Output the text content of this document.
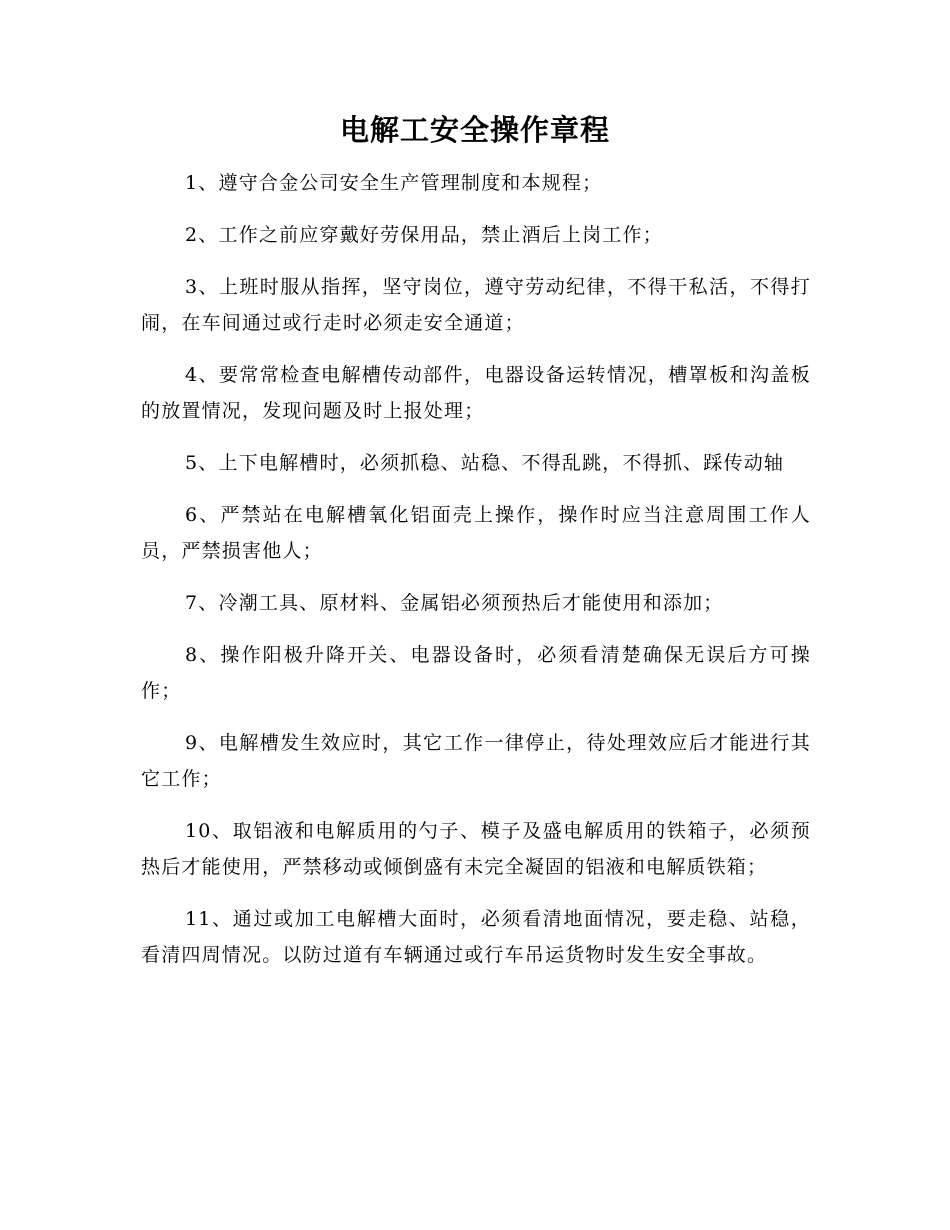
电解工安全操作章程

1、遵守合金公司安全生产管理制度和本规程；

2、工作之前应穿戴好劳保用品，禁止酒后上岗工作；

3、上班时服从指挥，坚守岗位，遵守劳动纪律，不得干私活，不得打闹，在车间通过或行走时必须走安全通道；

4、要常常检查电解槽传动部件，电器设备运转情况，槽罩板和沟盖板的放置情况，发现问题及时上报处理；

5、上下电解槽时，必须抓稳、站稳、不得乱跳，不得抓、踩传动轴

6、严禁站在电解槽氧化铝面壳上操作，操作时应当注意周围工作人员，严禁损害他人；

7、冷潮工具、原材料、金属铝必须预热后才能使用和添加；

8、操作阳极升降开关、电器设备时，必须看清楚确保无误后方可操作；

9、电解槽发生效应时，其它工作一律停止，待处理效应后才能进行其它工作；

10、取铝液和电解质用的勺子、模子及盛电解质用的铁箱子，必须预热后才能使用，严禁移动或倾倒盛有未完全凝固的铝液和电解质铁箱；

11、通过或加工电解槽大面时，必须看清地面情况，要走稳、站稳，看清四周情况。以防过道有车辆通过或行车吊运货物时发生安全事故。
